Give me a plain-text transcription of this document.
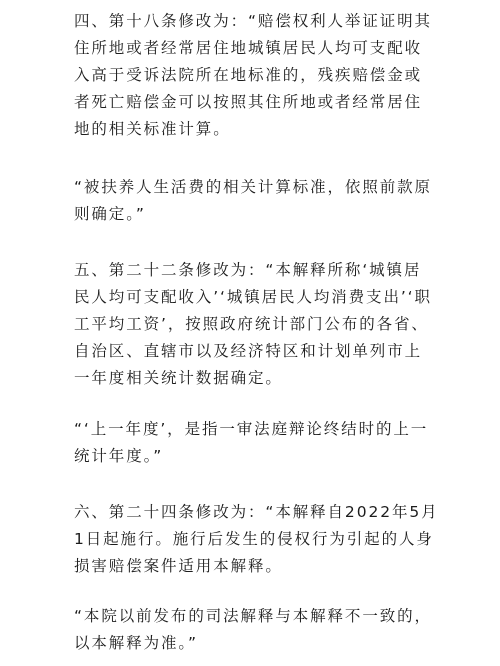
四、第十八条修改为：“赔偿权利人举证证明其
住所地或者经常居住地城镇居民人均可支配收
入高于受诉法院所在地标准的，残疾赔偿金或
者死亡赔偿金可以按照其住所地或者经常居住
地的相关标准计算。
“被扶养人生活费的相关计算标准，依照前款原
则确定。”
五、第二十二条修改为：“本解释所称‘城镇居
民人均可支配收入’‘城镇居民人均消费支出’‘职
工平均工资’，按照政府统计部门公布的各省、
自治区、直辖市以及经济特区和计划单列市上
一年度相关统计数据确定。
“‘上一年度’，是指一审法庭辩论终结时的上一
统计年度。”
六、第二十四条修改为：“本解释自2022年5月
1日起施行。施行后发生的侵权行为引起的人身
损害赔偿案件适用本解释。
“本院以前发布的司法解释与本解释不一致的，
以本解释为准。”
